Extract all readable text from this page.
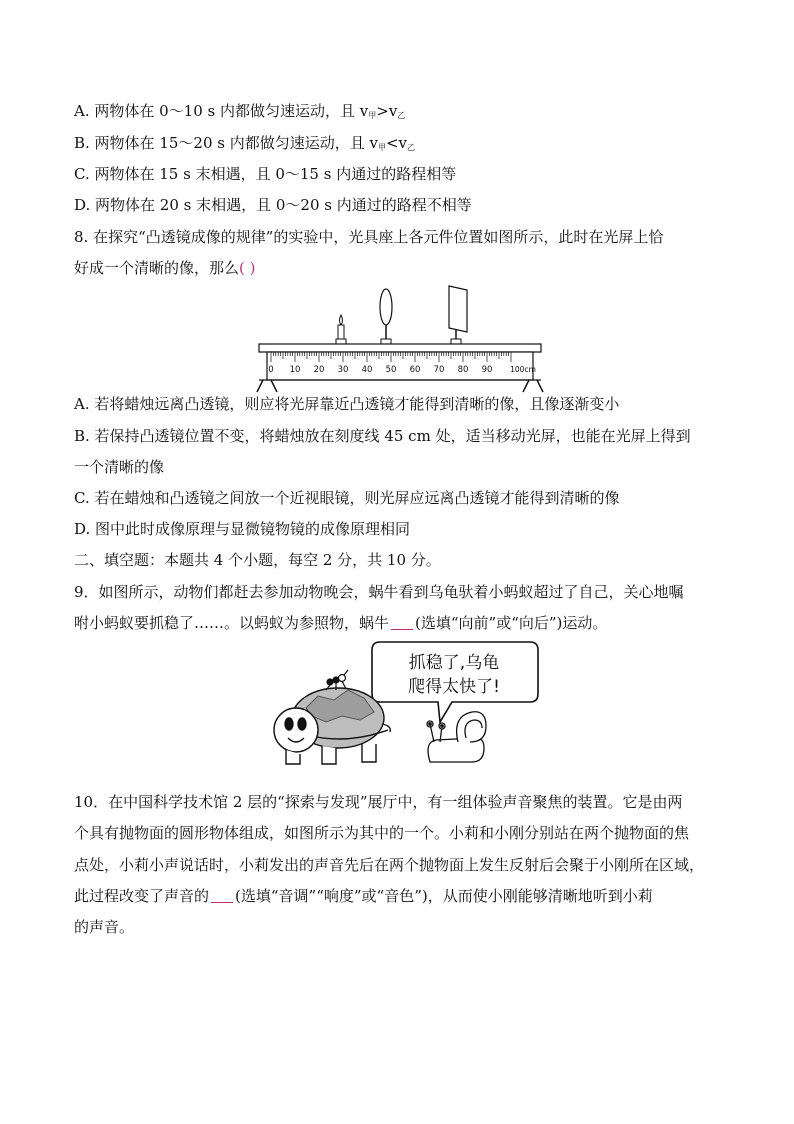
A. 两物体在 0～10 s 内都做匀速运动，且 $v_甲>v_乙$
B. 两物体在 15～20 s 内都做匀速运动，且 $v_甲<v_乙$
C. 两物体在 15 s 末相遇，且 0～15 s 内通过的路程相等
D. 两物体在 20 s 末相遇，且 0～20 s 内通过的路程不相等
8. 在探究“凸透镜成像的规律”的实验中，光具座上各元件位置如图所示，此时在光屏上恰
好成一个清晰的像，那么( )
0 10 20 30 40 50 60 70 80 90 100cm
A. 若将蜡烛远离凸透镜，则应将光屏靠近凸透镜才能得到清晰的像，且像逐渐变小
B. 若保持凸透镜位置不变，将蜡烛放在刻度线 45 cm 处，适当移动光屏，也能在光屏上得到
一个清晰的像
C. 若在蜡烛和凸透镜之间放一个近视眼镜，则光屏应远离凸透镜才能得到清晰的像
D. 图中此时成像原理与显微镜物镜的成像原理相同
二、填空题：本题共 4 个小题，每空 2 分，共 10 分。
9．如图所示，动物们都赶去参加动物晚会，蜗牛看到乌龟驮着小蚂蚁超过了自己，关心地嘱
咐小蚂蚁要抓稳了……。以蚂蚁为参照物，蜗牛 (选填“向前”或“向后”)运动。
抓稳了,乌龟
爬得太快了!
10．在中国科学技术馆 2 层的“探索与发现”展厅中，有一组体验声音聚焦的装置。它是由两
个具有抛物面的圆形物体组成，如图所示为其中的一个。小莉和小刚分别站在两个抛物面的焦
点处，小莉小声说话时，小莉发出的声音先后在两个抛物面上发生反射后会聚于小刚所在区域，
此过程改变了声音的 (选填“音调”“响度”或“音色”)，从而使小刚能够清晰地听到小莉
的声音。
